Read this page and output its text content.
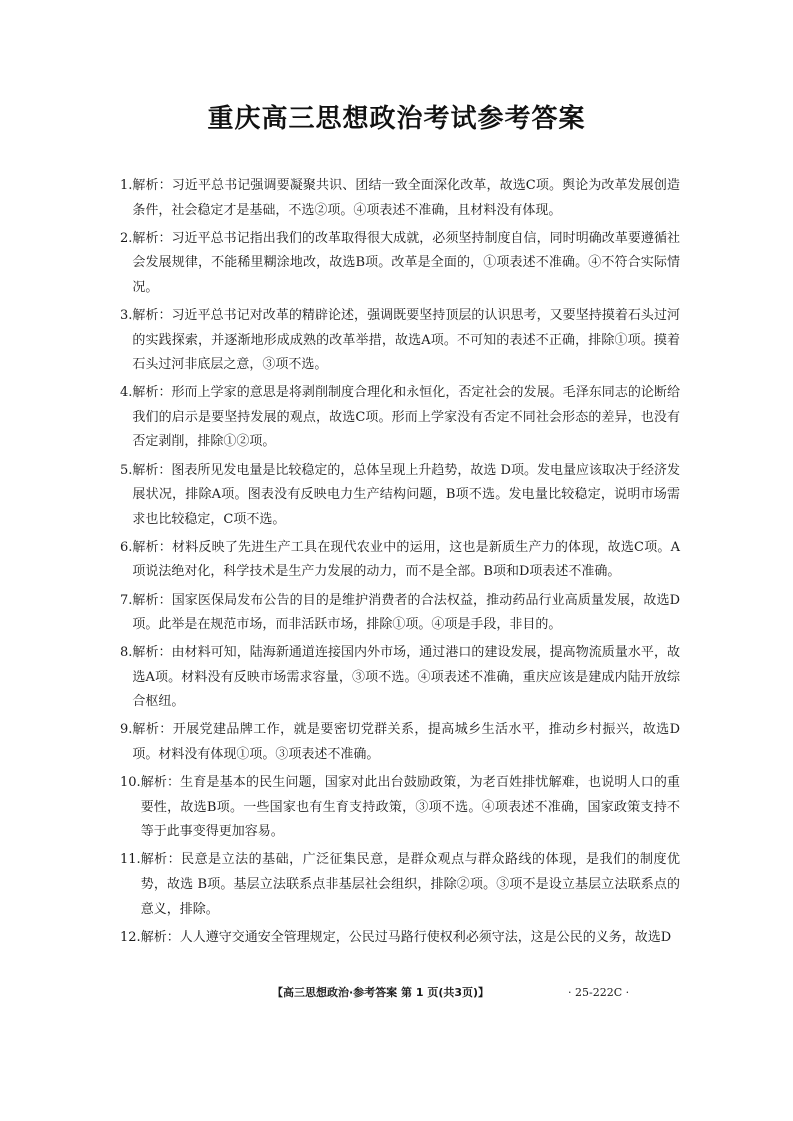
重庆高三思想政治考试参考答案
1. 解析：习近平总书记强调要凝聚共识、团结一致全面深化改革，故选C项。舆论为改革发展创造条件，社会稳定才是基础，不选②项。④项表述不准确，且材料没有体现。
2. 解析：习近平总书记指出我们的改革取得很大成就，必须坚持制度自信，同时明确改革要遵循社会发展规律，不能稀里糊涂地改，故选B项。改革是全面的，①项表述不准确。④不符合实际情况。
3. 解析：习近平总书记对改革的精辟论述，强调既要坚持顶层的认识思考，又要坚持摸着石头过河的实践探索，并逐渐地形成成熟的改革举措，故选A项。不可知的表述不正确，排除①项。摸着石头过河非底层之意，③项不选。
4. 解析：形而上学家的意思是将剥削制度合理化和永恒化，否定社会的发展。毛泽东同志的论断给我们的启示是要坚持发展的观点，故选C项。形而上学家没有否定不同社会形态的差异，也没有否定剥削，排除①②项。
5. 解析：图表所见发电量是比较稳定的，总体呈现上升趋势，故选 D项。发电量应该取决于经济发展状况，排除A项。图表没有反映电力生产结构问题，B项不选。发电量比较稳定，说明市场需求也比较稳定，C项不选。
6. 解析：材料反映了先进生产工具在现代农业中的运用，这也是新质生产力的体现，故选C项。A项说法绝对化，科学技术是生产力发展的动力，而不是全部。B项和D项表述不准确。
7. 解析：国家医保局发布公告的目的是维护消费者的合法权益，推动药品行业高质量发展，故选D项。此举是在规范市场，而非活跃市场，排除①项。④项是手段，非目的。
8. 解析：由材料可知，陆海新通道连接国内外市场，通过港口的建设发展，提高物流质量水平，故选A项。材料没有反映市场需求容量，③项不选。④项表述不准确，重庆应该是建成内陆开放综合枢纽。
9. 解析：开展党建品牌工作，就是要密切党群关系，提高城乡生活水平，推动乡村振兴，故选D项。材料没有体现①项。③项表述不准确。
10. 解析：生育是基本的民生问题，国家对此出台鼓励政策，为老百姓排忧解难，也说明人口的重要性，故选B项。一些国家也有生育支持政策，③项不选。④项表述不准确，国家政策支持不等于此事变得更加容易。
11. 解析：民意是立法的基础，广泛征集民意，是群众观点与群众路线的体现，是我们的制度优势，故选 B项。基层立法联系点非基层社会组织，排除②项。③项不是设立基层立法联系点的意义，排除。
12. 解析：人人遵守交通安全管理规定，公民过马路行使权利必须守法，这是公民的义务，故选D
【高三思想政治·参考答案 第 1 页(共3页)】	· 25-222C ·
